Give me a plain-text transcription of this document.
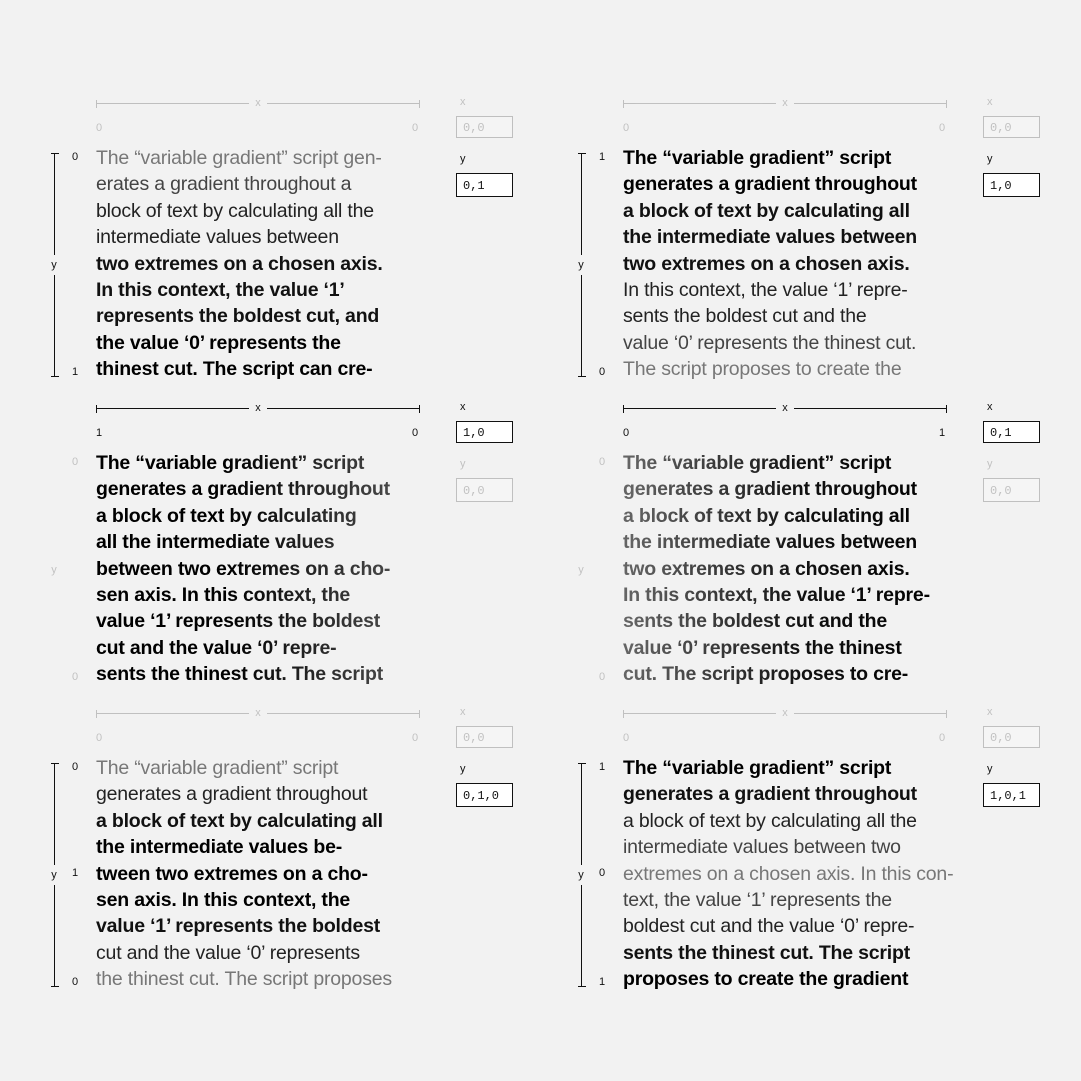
x
0	0
x
0,0
y
0
1
y
0,1
The “variable gradient” script gen-
erates a gradient throughout a
block of text by calculating all the
intermediate values between
two extremes on a chosen axis.
In this context, the value ‘1’
represents the boldest cut, and
the value ‘0’ represents the
thinest cut. The script can cre-
x
0	0
x
0,0
y
1
0
y
1,0
The “variable gradient” script
generates a gradient throughout
a block of text by calculating all
the intermediate values between
two extremes on a chosen axis.
In this context, the value ‘1’ repre-
sents the boldest cut and the
value ‘0’ represents the thinest cut.
The script proposes to create the
x
1	0
x
1,0
y
0
0
y
0,0
The “variable gradient” script
generates a gradient throughout
a block of text by calculating
all the intermediate values
between two extremes on a cho-
sen axis. In this context, the
value ‘1’ represents the boldest
cut and the value ‘0’ repre-
sents the thinest cut. The script
x
0	1
x
0,1
y
0
0
y
0,0
The “variable gradient” script
generates a gradient throughout
a block of text by calculating all
the intermediate values between
two extremes on a chosen axis.
In this context, the value ‘1’ repre-
sents the boldest cut and the
value ‘0’ represents the thinest
cut. The script proposes to cre-
x
0	0
x
0,0
y
0
1
0
y
0,1,0
The “variable gradient” script
generates a gradient throughout
a block of text by calculating all
the intermediate values be-
tween two extremes on a cho-
sen axis. In this context, the
value ‘1’ represents the boldest
cut and the value ‘0’ represents
the thinest cut. The script proposes
x
0	0
x
0,0
y
1
0
1
y
1,0,1
The “variable gradient” script
generates a gradient throughout
a block of text by calculating all the
intermediate values between two
extremes on a chosen axis. In this con-
text, the value ‘1’ represents the
boldest cut and the value ‘0’ repre-
sents the thinest cut. The script
proposes to create the gradient
